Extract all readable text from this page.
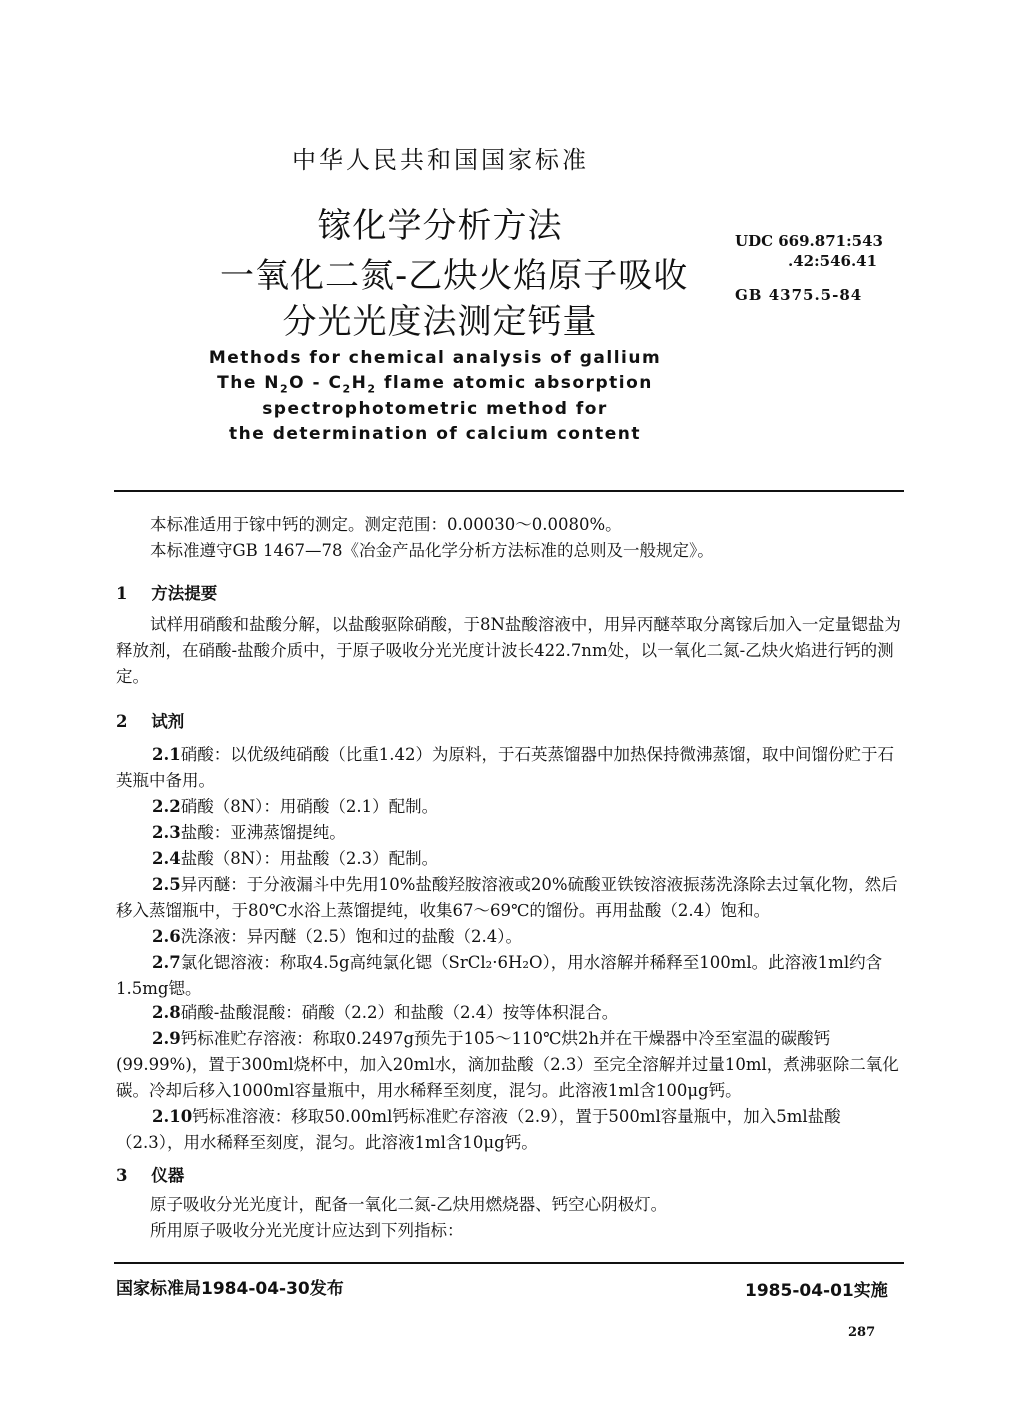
中华人民共和国国家标准
镓化学分析方法
一氧化二氮-乙炔火焰原子吸收
分光光度法测定钙量
UDC 669.871:543
.42:546.41
GB 4375.5-84
Methods for chemical analysis of gallium
The $N_2O - C_2H_2$ flame atomic absorption
spectrophotometric method for
the determination of calcium content
本标准适用于镓中钙的测定。测定范围：0.00030～0.0080%。
本标准遵守GB 1467—78《冶金产品化学分析方法标准的总则及一般规定》。
1 方法提要
试样用硝酸和盐酸分解，以盐酸驱除硝酸，于8N盐酸溶液中，用异丙醚萃取分离镓后加入一定量锶盐为释放剂，在硝酸-盐酸介质中，于原子吸收分光光度计波长422.7nm处，以一氧化二氮-乙炔火焰进行钙的测定。
2 试剂
2.1硝酸：以优级纯硝酸（比重1.42）为原料，于石英蒸馏器中加热保持微沸蒸馏，取中间馏份贮于石英瓶中备用。
2.2硝酸（8N）：用硝酸（2.1）配制。
2.3盐酸：亚沸蒸馏提纯。
2.4盐酸（8N）：用盐酸（2.3）配制。
2.5异丙醚：于分液漏斗中先用10%盐酸羟胺溶液或20%硫酸亚铁铵溶液振荡洗涤除去过氧化物，然后移入蒸馏瓶中，于80℃水浴上蒸馏提纯，收集67～69℃的馏份。再用盐酸（2.4）饱和。
2.6洗涤液：异丙醚（2.5）饱和过的盐酸（2.4）。
2.7氯化锶溶液：称取4.5g高纯氯化锶（SrCl₂·6H₂O），用水溶解并稀释至100ml。此溶液1ml约含1.5mg锶。
2.8硝酸-盐酸混酸：硝酸（2.2）和盐酸（2.4）按等体积混合。
2.9钙标准贮存溶液：称取0.2497g预先于105～110℃烘2h并在干燥器中冷至室温的碳酸钙(99.99%)，置于300ml烧杯中，加入20ml水，滴加盐酸（2.3）至完全溶解并过量10ml，煮沸驱除二氧化碳。冷却后移入1000ml容量瓶中，用水稀释至刻度，混匀。此溶液1ml含100μg钙。
2.10钙标准溶液：移取50.00ml钙标准贮存溶液（2.9），置于500ml容量瓶中，加入5ml盐酸（2.3），用水稀释至刻度，混匀。此溶液1ml含10μg钙。
3 仪器
原子吸收分光光度计，配备一氧化二氮-乙炔用燃烧器、钙空心阴极灯。
所用原子吸收分光光度计应达到下列指标：
国家标准局1984-04-30发布	1985-04-01实施
287
